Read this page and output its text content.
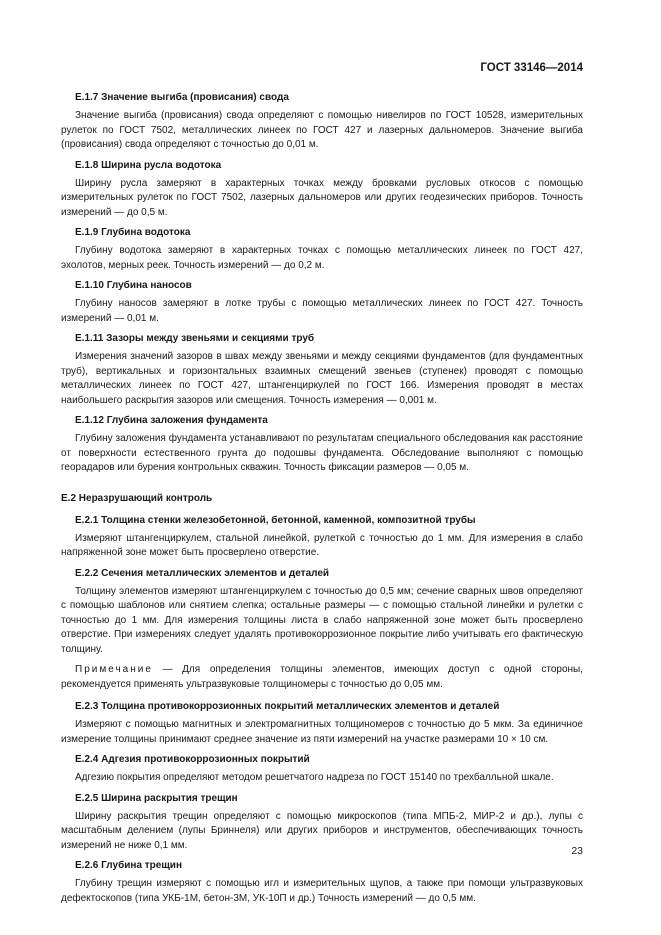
ГОСТ 33146—2014
Е.1.7 Значение выгиба (провисания) свода
Значение выгиба (провисания) свода определяют с помощью нивелиров по ГОСТ 10528, измерительных рулеток по ГОСТ 7502, металлических линеек по ГОСТ 427 и лазерных дальномеров. Значение выгиба (провисания) свода определяют с точностью до 0,01 м.
Е.1.8 Ширина русла водотока
Ширину русла замеряют в характерных точках между бровками русловых откосов с помощью измерительных рулеток по ГОСТ 7502, лазерных дальномеров или других геодезических приборов. Точность измерений — до 0,5 м.
Е.1.9 Глубина водотока
Глубину водотока замеряют в характерных точках с помощью металлических линеек по ГОСТ 427, эхолотов, мерных реек. Точность измерений — до 0,2 м.
Е.1.10 Глубина наносов
Глубину наносов замеряют в лотке трубы с помощью металлических линеек по ГОСТ 427. Точность измерений — 0,01 м.
Е.1.11 Зазоры между звеньями и секциями труб
Измерения значений зазоров в швах между звеньями и между секциями фундаментов (для фундаментных труб), вертикальных и горизонтальных взаимных смещений звеньев (ступенек) проводят с помощью металлических линеек по ГОСТ 427, штангенциркулей по ГОСТ 166. Измерения проводят в местах наибольшего раскрытия зазоров или смещения. Точность измерения — 0,001 м.
Е.1.12 Глубина заложения фундамента
Глубину заложения фундамента устанавливают по результатам специального обследования как расстояние от поверхности естественного грунта до подошвы фундамента. Обследование выполняют с помощью георадаров или бурения контрольных скважин. Точность фиксации размеров — 0,05 м.
Е.2 Неразрушающий контроль
Е.2.1 Толщина стенки железобетонной, бетонной, каменной, композитной трубы
Измеряют штангенциркулем, стальной линейкой, рулеткой с точностью до 1 мм. Для измерения в слабо напряженной зоне может быть просверлено отверстие.
Е.2.2 Сечения металлических элементов и деталей
Толщину элементов измеряют штангенциркулем с точностью до 0,5 мм; сечение сварных швов определяют с помощью шаблонов или снятием слепка; остальные размеры — с помощью стальной линейки и рулетки с точностью до 1 мм. Для измерения толщины листа в слабо напряженной зоне может быть просверлено отверстие. При измерениях следует удалять противокоррозионное покрытие либо учитывать его фактическую толщину.
Примечание — Для определения толщины элементов, имеющих доступ с одной стороны, рекомендуется применять ультразвуковые толщиномеры с точностью до 0,05 мм.
Е.2.3 Толщина противокоррозионных покрытий металлических элементов и деталей
Измеряют с помощью магнитных и электромагнитных толщиномеров с точностью до 5 мкм. За единичное измерение толщины принимают среднее значение из пяти измерений на участке размерами 10 × 10 см.
Е.2.4 Адгезия противокоррозионных покрытий
Адгезию покрытия определяют методом решетчатого надреза по ГОСТ 15140 по трехбалльной шкале.
Е.2.5 Ширина раскрытия трещин
Ширину раскрытия трещин определяют с помощью микроскопов (типа МПБ-2, МИР-2 и др.), лупы с масштабным делением (лупы Бриннеля) или других приборов и инструментов, обеспечивающих точность измерений не ниже 0,1 мм.
Е.2.6 Глубина трещин
Глубину трещин измеряют с помощью игл и измерительных щупов, а также при помощи ультразвуковых дефектоскопов (типа УКБ-1М, бетон-3М, УК-10П и др.) Точность измерений — до 0,5 мм.
23
